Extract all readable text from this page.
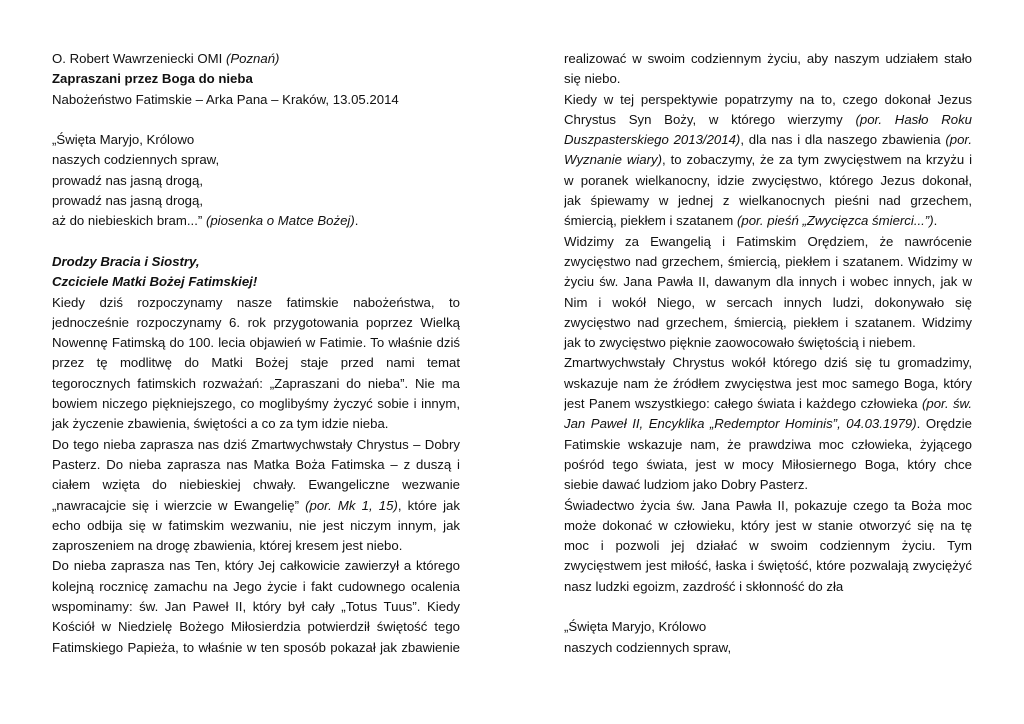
O. Robert Wawrzeniecki OMI (Poznań)
Zapraszani przez Boga do nieba
Nabożeństwo Fatimskie – Arka Pana – Kraków, 13.05.2014
„Święta Maryjo, Królowo
naszych codziennych spraw,
prowadź nas jasną drogą,
prowadź nas jasną drogą,
aż do niebieskich bram...” (piosenka o Matce Bożej).
Drodzy Bracia i Siostry,
Czciciele Matki Bożej Fatimskiej!
Kiedy dziś rozpoczynamy nasze fatimskie nabożeństwa, to
jednocześnie rozpoczynamy 6. rok przygotowania poprzez Wielką
Nowennę Fatimską do 100. lecia objawień w Fatimie. To właśnie dziś
przez tę modlitwę do Matki Bożej staje przed nami temat
tegorocznych fatimskich rozważań: „Zapraszani do nieba”. Nie ma
bowiem niczego piękniejszego, co moglibyśmy życzyć sobie i innym,
jak życzenie zbawienia, świętości a co za tym idzie nieba.
Do tego nieba zaprasza nas dziś Zmartwychwstały Chrystus – Dobry
Pasterz. Do nieba zaprasza nas Matka Boża Fatimska – z duszą i
ciałem wzięta do niebieskiej chwały. Ewangeliczne wezwanie
„nawracajcie się i wierzcie w Ewangelię” (por. Mk 1, 15), które jak
echo odbija się w fatimskim wezwaniu, nie jest niczym innym, jak
zaproszeniem na drogę zbawienia, której kresem jest niebo.
Do nieba zaprasza nas Ten, który Jej całkowicie zawierzył a którego
kolejną rocznicę zamachu na Jego życie i fakt cudownego ocalenia
wspominamy: św. Jan Paweł II, który był cały „Totus Tuus”. Kiedy
Kościół w Niedzielę Bożego Miłosierdzia potwierdził świętość tego
Fatimskiego Papieża, to właśnie w ten sposób pokazał jak zbawienie
realizować w swoim codziennym życiu, aby naszym udziałem stało
się niebo.
Kiedy w tej perspektywie popatrzymy na to, czego dokonał Jezus
Chrystus Syn Boży, w którego wierzymy (por. Hasło Roku
Duszpasterskiego 2013/2014), dla nas i dla naszego zbawienia (por.
Wyznanie wiary), to zobaczymy, że za tym zwycięstwem na krzyżu i
w poranek wielkanocny, idzie zwycięstwo, którego Jezus dokonał,
jak śpiewamy w jednej z wielkanocnych pieśni nad grzechem,
śmiercią, piekłem i szatanem (por. pieśń „Zwycięzca śmierci...”).
Widzimy za Ewangelią i Fatimskim Orędziem, że nawrócenie
zwycięstwo nad grzechem, śmiercią, piekłem i szatanem. Widzimy w
życiu św. Jana Pawła II, dawanym dla innych i wobec innych, jak w
Nim i wokół Niego, w sercach innych ludzi, dokonywało się
zwycięstwo nad grzechem, śmiercią, piekłem i szatanem. Widzimy
jak to zwycięstwo pięknie zaowocowało świętością i niebem.
Zmartwychwstały Chrystus wokół którego dziś się tu gromadzimy,
wskazuje nam że źródłem zwycięstwa jest moc samego Boga, który
jest Panem wszystkiego: całego świata i każdego człowieka (por. św.
Jan Paweł II, Encyklika „Redemptor Hominis”, 04.03.1979). Orędzie
Fatimskie wskazuje nam, że prawdziwa moc człowieka, żyjącego
pośród tego świata, jest w mocy Miłosiernego Boga, który chce
siebie dawać ludziom jako Dobry Pasterz.
Świadectwo życia św. Jana Pawła II, pokazuje czego ta Boża moc
może dokonać w człowieku, który jest w stanie otworzyć się na tę
moc i pozwoli jej działać w swoim codziennym życiu. Tym
zwycięstwem jest miłość, łaska i świętość, które pozwalają zwyciężyć
nasz ludzki egoizm, zazdrość i skłonność do zła
„Święta Maryjo, Królowo
naszych codziennych spraw,
